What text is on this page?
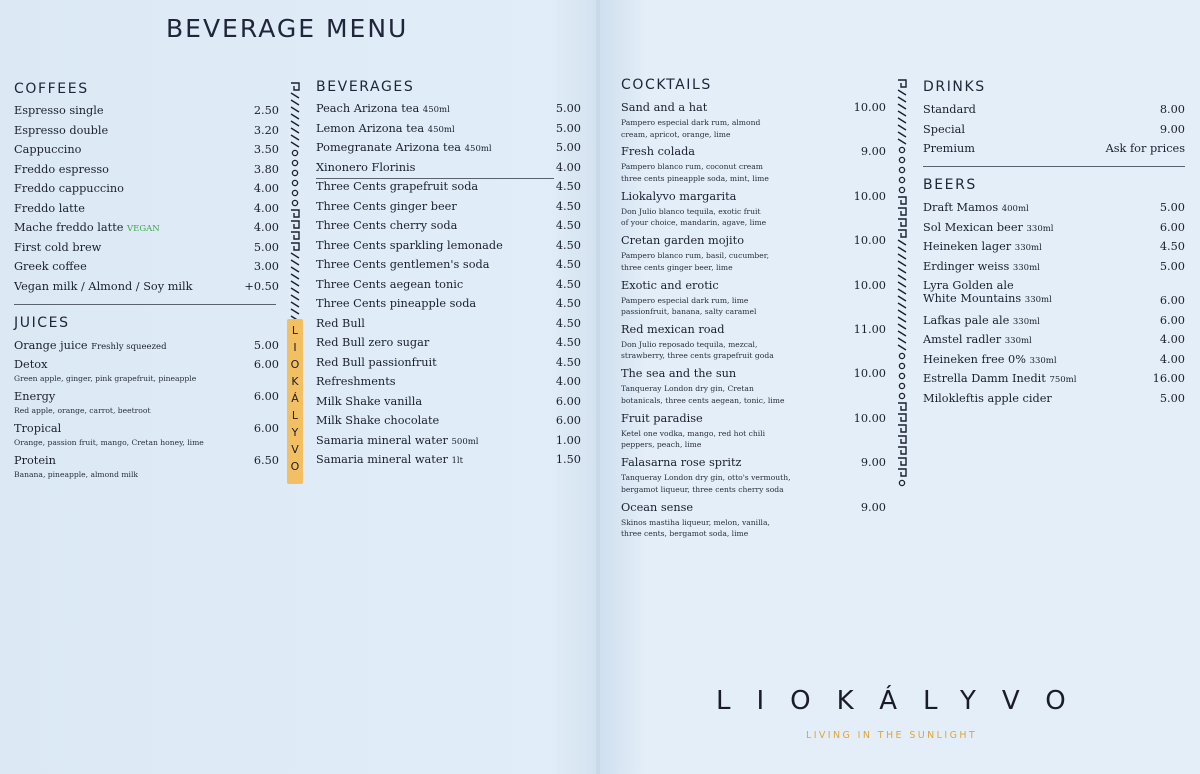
BEVERAGE MENU
COFFEES
Espresso single	2.50
Espresso double	3.20
Cappuccino	3.50
Freddo espresso	3.80
Freddo cappuccino	4.00
Freddo latte	4.00
Mache freddo latte VEGAN	4.00
First cold brew	5.00
Greek coffee	3.00
Vegan milk / Almond / Soy milk	+0.50
JUICES
Orange juice Freshly squeezed	5.00
Detox	6.00
Green apple, ginger, pink grapefruit, pineapple
Energy	6.00
Red apple, orange, carrot, beetroot
Tropical	6.00
Orange, passion fruit, mango, Cretan honey, lime
Protein	6.50
Banana, pineapple, almond milk
L
I
O
K
Á
L
Y
V
O
BEVERAGES
Peach Arizona tea 450ml	5.00
Lemon Arizona tea 450ml	5.00
Pomegranate Arizona tea 450ml	5.00
Xinonero Florinis	4.00
Three Cents grapefruit soda	4.50
Three Cents ginger beer	4.50
Three Cents cherry soda	4.50
Three Cents sparkling lemonade	4.50
Three Cents gentlemen's soda	4.50
Three Cents aegean tonic	4.50
Three Cents pineapple soda	4.50
Red Bull	4.50
Red Bull zero sugar	4.50
Red Bull passionfruit	4.50
Refreshments	4.00
Milk Shake vanilla	6.00
Milk Shake chocolate	6.00
Samaria mineral water 500ml	1.00
Samaria mineral water 1lt	1.50
COCKTAILS
Sand and a hat	10.00
Pampero especial dark rum, almond
cream, apricot, orange, lime
Fresh colada	9.00
Pampero blanco rum, coconut cream
three cents pineapple soda, mint, lime
Liokalyvo margarita	10.00
Don Julio blanco tequila, exotic fruit
of your choice, mandarin, agave, lime
Cretan garden mojito	10.00
Pampero blanco rum, basil, cucumber,
three cents ginger beer, lime
Exotic and erotic	10.00
Pampero especial dark rum, lime
passionfruit, banana, salty caramel
Red mexican road	11.00
Don Julio reposado tequila, mezcal,
strawberry, three cents grapefruit goda
The sea and the sun	10.00
Tanqueray London dry gin, Cretan
botanicals, three cents aegean, tonic, lime
Fruit paradise	10.00
Ketel one vodka, mango, red hot chili
peppers, peach, lime
Falasarna rose spritz	9.00
Tanqueray London dry gin, otto's vermouth,
bergamot liqueur, three cents cherry soda
Ocean sense	9.00
Skinos mastiha liqueur, melon, vanilla,
three cents, bergamot soda, lime
DRINKS
Standard	8.00
Special	9.00
Premium	Ask for prices
BEERS
Draft Mamos 400ml	5.00
Sol Mexican beer 330ml	6.00
Heineken lager 330ml	4.50
Erdinger weiss 330ml	5.00
Lyra Golden ale
White Mountains 330ml	6.00
Lafkas pale ale 330ml	6.00
Amstel radler 330ml	4.00
Heineken free 0% 330ml	4.00
Estrella Damm Inedit 750ml	16.00
Milokleftis apple cider	5.00
LIOKÁLYVO
LIVING IN THE SUNLIGHT
